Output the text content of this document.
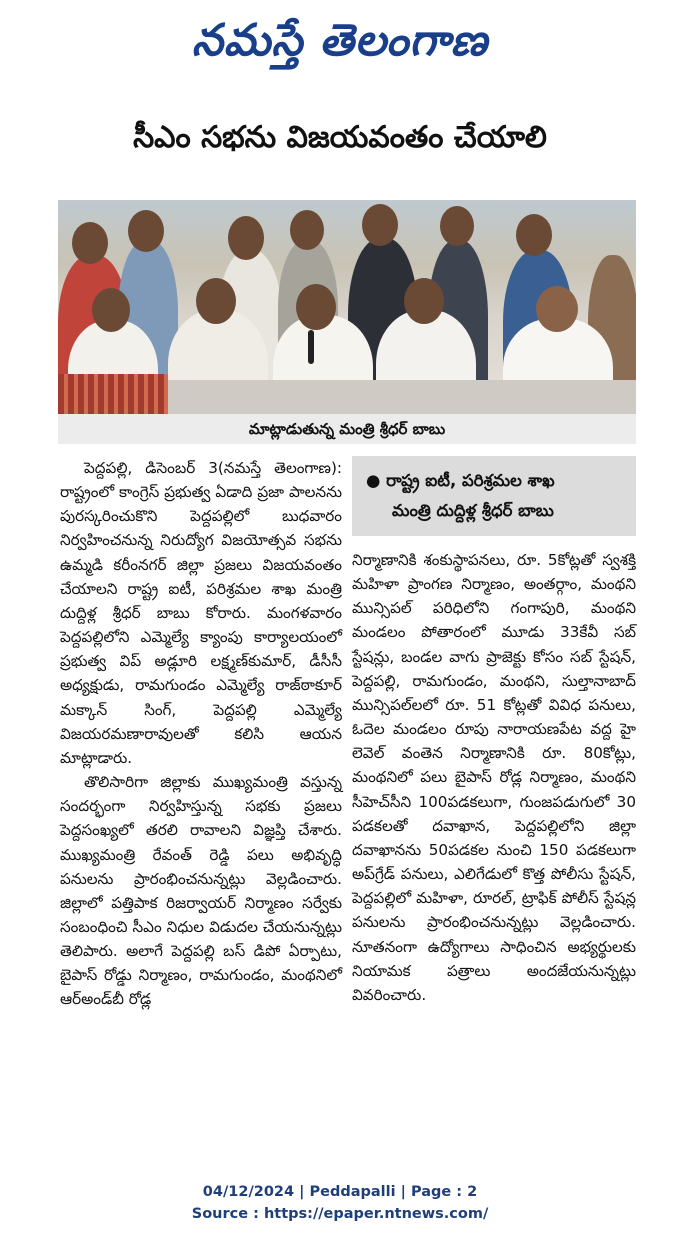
నమస్తే తెలంగాణ
సీఎం సభను విజయవంతం చేయాలి
మాట్లాడుతున్న మంత్రి శ్రీధర్ బాబు

పెద్దపల్లి, డిసెంబర్ 3(నమస్తే తెలంగాణ): రాష్ట్రంలో కాంగ్రెస్ ప్రభుత్వ ఏడాది ప్రజా పాలనను పురస్కరించుకొని పెద్దపల్లిలో బుధవారం నిర్వహించనున్న నిరుద్యోగ విజయోత్సవ సభను ఉమ్మడి కరీంనగర్ జిల్లా ప్రజలు విజయవంతం చేయాలని రాష్ట్ర ఐటీ, పరిశ్రమల శాఖ మంత్రి దుద్దిళ్ల శ్రీధర్ బాబు కోరారు. మంగళవారం పెద్దపల్లిలోని ఎమ్మెల్యే క్యాంపు కార్యాలయంలో ప్రభుత్వ విప్ అడ్లూరి లక్ష్మణ్‌కుమార్, డీసీసీ అధ్యక్షుడు, రామగుండం ఎమ్మెల్యే రాజ్‌ఠాకూర్ మక్కాన్ సింగ్, పెద్దపల్లి ఎమ్మెల్యే విజయరమణారావులతో కలిసి ఆయన మాట్లాడారు.

తొలిసారిగా జిల్లాకు ముఖ్యమంత్రి వస్తున్న సందర్భంగా నిర్వహిస్తున్న సభకు ప్రజలు పెద్దసంఖ్యలో తరలి రావాలని విజ్ఞప్తి చేశారు. ముఖ్యమంత్రి రేవంత్ రెడ్డి పలు అభివృద్ధి పనులను ప్రారంభించనున్నట్లు వెల్లడించారు. జిల్లాలో పత్తిపాక రిజర్వాయర్ నిర్మాణం సర్వేకు సంబంధించి సీఎం నిధుల విడుదల చేయనున్నట్లు తెలిపారు. అలాగే పెద్దపల్లి బస్ డిపో ఏర్పాటు, బైపాస్ రోడ్డు నిర్మాణం, రామగుండం, మంథనిలో ఆర్అండ్‌బీ రోడ్ల

● రాష్ట్ర ఐటీ, పరిశ్రమల శాఖ
మంత్రి దుద్దిళ్ల శ్రీధర్ బాబు

నిర్మాణానికి శంకుస్థాపనలు, రూ. 5కోట్లతో స్వశక్తి మహిళా ప్రాంగణ నిర్మాణం, అంతర్గాం, మంథని మున్సిపల్ పరిధిలోని గంగాపురి, మంథని మండలం పోతారంలో మూడు 33కేవీ సబ్ స్టేషన్లు, బండల వాగు ప్రాజెక్టు కోసం సబ్ స్టేషన్, పెద్దపల్లి, రామగుండం, మంథని, సుల్తానాబాద్ మున్సిపల్‌లలో రూ. 51 కోట్లతో వివిధ పనులు, ఓదెల మండలం రూపు నారాయణపేట వద్ద హై లెవెల్ వంతెన నిర్మాణానికి రూ. 80కోట్లు, మంథనిలో పలు బైపాస్ రోడ్ల నిర్మాణం, మంథని సీహెచ్‌సీని 100పడకలుగా, గుంజపడుగులో 30 పడకలతో దవాఖాన, పెద్దపల్లిలోని జిల్లా దవాఖానను 50పడకల నుంచి 150 పడకలుగా అప్‌గ్రేడ్ పనులు, ఎలిగేడులో కొత్త పోలీసు స్టేషన్, పెద్దపల్లిలో మహిళా, రూరల్, ట్రాఫిక్ పోలీస్ స్టేషన్ల పనులను ప్రారంభించనున్నట్లు వెల్లడించారు. నూతనంగా ఉద్యోగాలు సాధించిన అభ్యర్థులకు నియామక పత్రాలు అందజేయనున్నట్లు వివరించారు.

04/12/2024 | Peddapalli | Page : 2
Source : https://epaper.ntnews.com/
